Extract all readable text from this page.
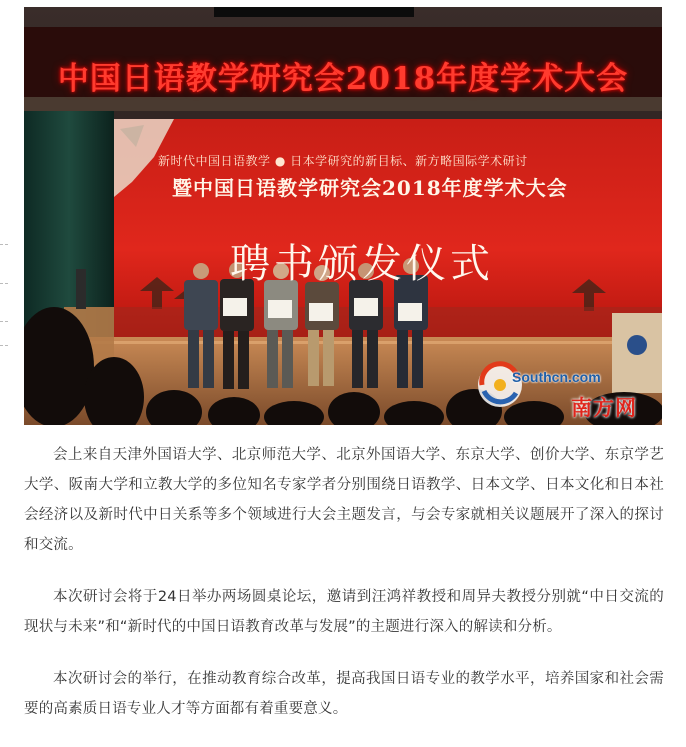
中国日语教学研究会2018年度学术大会
新时代中国日语教学 ● 日本学研究的新目标、新方略国际学术研讨
暨中国日语教学研究会2018年度学术大会
聘书颁发仪式
Southcn.com
南方网

会上来自天津外国语大学、北京师范大学、北京外国语大学、东京大学、创价大学、东京学艺大学、阪南大学和立教大学的多位知名专家学者分别围绕日语教学、日本文学、日本文化和日本社会经济以及新时代中日关系等多个领域进行大会主题发言，与会专家就相关议题展开了深入的探讨和交流。

本次研讨会将于24日举办两场圆桌论坛，邀请到汪鸿祥教授和周异夫教授分别就“中日交流的现状与未来”和“新时代的中国日语教育改革与发展”的主题进行深入的解读和分析。

本次研讨会的举行，在推动教育综合改革，提高我国日语专业的教学水平，培养国家和社会需要的高素质日语专业人才等方面都有着重要意义。
